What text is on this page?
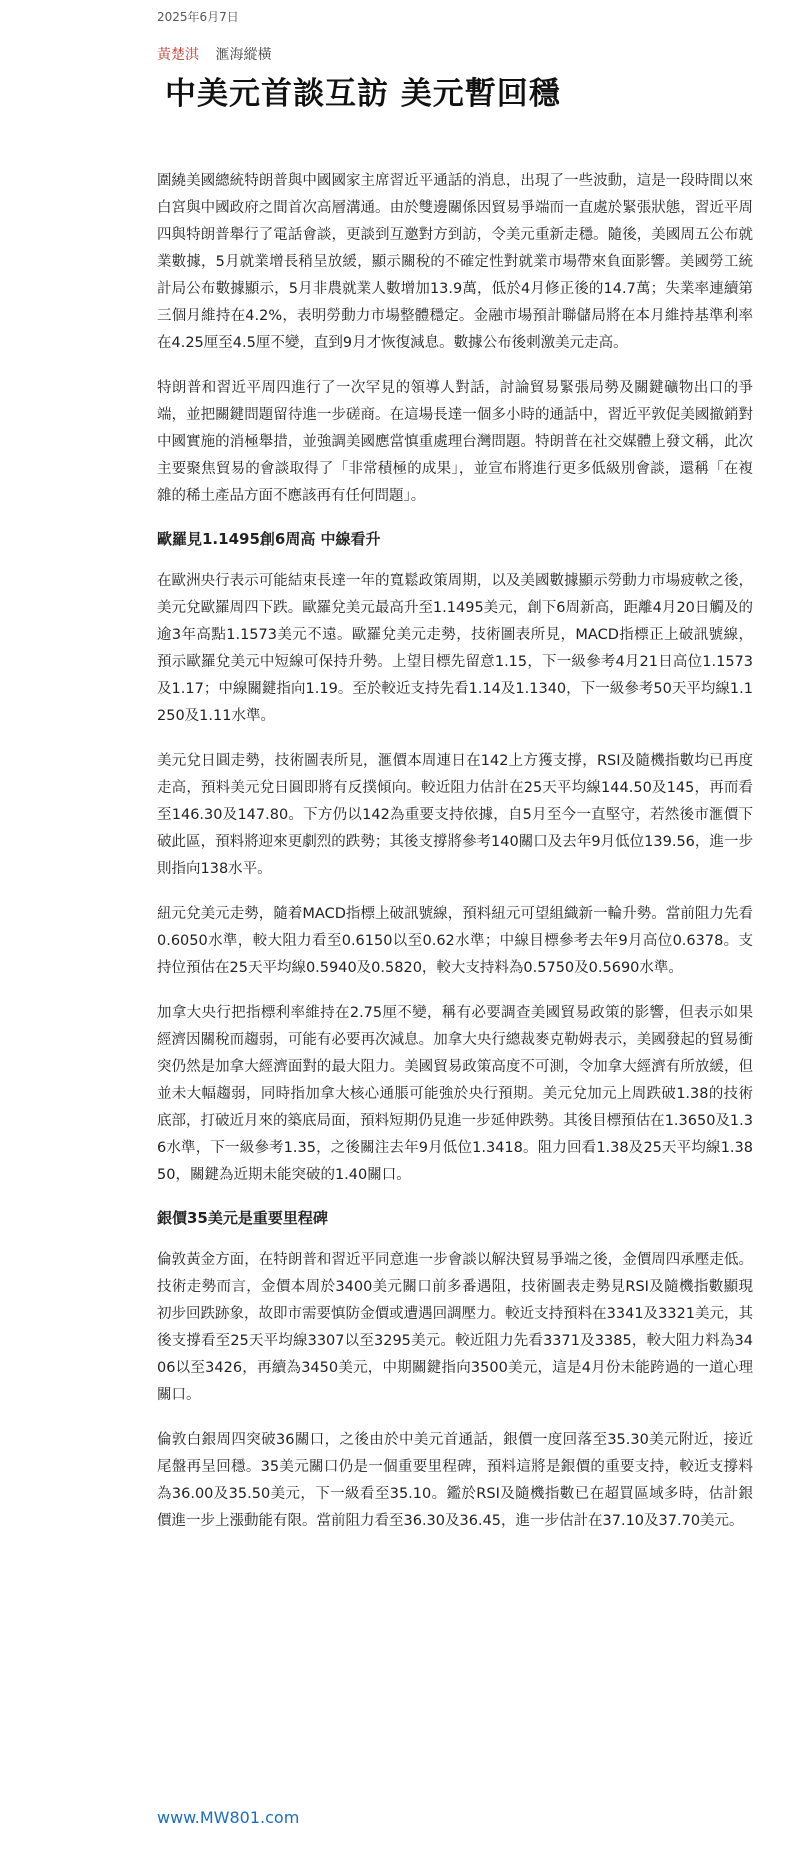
2025年6月7日
黃楚淇 滙海縱橫
中美元首談互訪 美元暫回穩

圍繞美國總統特朗普與中國國家主席習近平通話的消息，出現了一些波動，這是一段時間以來白宮與中國政府之間首次高層溝通。由於雙邊關係因貿易爭端而一直處於緊張狀態，習近平周四與特朗普舉行了電話會談，更談到互邀對方到訪，令美元重新走穩。隨後，美國周五公布就業數據，5月就業增長稍呈放緩，顯示關稅的不確定性對就業市場帶來負面影響。美國勞工統計局公布數據顯示，5月非農就業人數增加13.9萬，低於4月修正後的14.7萬；失業率連續第三個月維持在4.2%，表明勞動力市場整體穩定。金融市場預計聯儲局將在本月維持基準利率在4.25厘至4.5厘不變，直到9月才恢復減息。數據公布後刺激美元走高。

特朗普和習近平周四進行了一次罕見的領導人對話，討論貿易緊張局勢及關鍵礦物出口的爭端，並把關鍵問題留待進一步磋商。在這場長達一個多小時的通話中，習近平敦促美國撤銷對中國實施的消極舉措，並強調美國應當慎重處理台灣問題。特朗普在社交媒體上發文稱，此次主要聚焦貿易的會談取得了「非常積極的成果」，並宣布將進行更多低級別會談，還稱「在複雜的稀土產品方面不應該再有任何問題」。

歐羅見1.1495創6周高 中線看升

在歐洲央行表示可能結束長達一年的寬鬆政策周期，以及美國數據顯示勞動力市場疲軟之後，美元兌歐羅周四下跌。歐羅兌美元最高升至1.1495美元，創下6周新高，距離4月20日觸及的逾3年高點1.1573美元不遠。歐羅兌美元走勢，技術圖表所見，MACD指標正上破訊號線，預示歐羅兌美元中短線可保持升勢。上望目標先留意1.15，下一級參考4月21日高位1.1573及1.17；中線關鍵指向1.19。至於較近支持先看1.14及1.1340，下一級參考50天平均線1.1250及1.11水準。

美元兌日圓走勢，技術圖表所見，滙價本周連日在142上方獲支撐，RSI及隨機指數均已再度走高，預料美元兌日圓即將有反撲傾向。較近阻力估計在25天平均線144.50及145，再而看至146.30及147.80。下方仍以142為重要支持依據，自5月至今一直堅守，若然後市滙價下破此區，預料將迎來更劇烈的跌勢；其後支撐將參考140關口及去年9月低位139.56，進一步則指向138水平。

紐元兌美元走勢，隨着MACD指標上破訊號線，預料紐元可望組織新一輪升勢。當前阻力先看0.6050水準，較大阻力看至0.6150以至0.62水準；中線目標參考去年9月高位0.6378。支持位預估在25天平均線0.5940及0.5820，較大支持料為0.5750及0.5690水準。

加拿大央行把指標利率維持在2.75厘不變，稱有必要調查美國貿易政策的影響，但表示如果經濟因關稅而趨弱，可能有必要再次減息。加拿大央行總裁麥克勒姆表示，美國發起的貿易衝突仍然是加拿大經濟面對的最大阻力。美國貿易政策高度不可測，令加拿大經濟有所放緩，但並未大幅趨弱，同時指加拿大核心通脹可能強於央行預期。美元兌加元上周跌破1.38的技術底部，打破近月來的築底局面，預料短期仍見進一步延伸跌勢。其後目標預估在1.3650及1.36水準，下一級參考1.35，之後關注去年9月低位1.3418。阻力回看1.38及25天平均線1.3850，關鍵為近期未能突破的1.40關口。

銀價35美元是重要里程碑

倫敦黃金方面，在特朗普和習近平同意進一步會談以解決貿易爭端之後，金價周四承壓走低。技術走勢而言，金價本周於3400美元關口前多番遇阻，技術圖表走勢見RSI及隨機指數顯現初步回跌跡象，故即市需要慎防金價或遭遇回調壓力。較近支持預料在3341及3321美元，其後支撐看至25天平均線3307以至3295美元。較近阻力先看3371及3385，較大阻力料為3406以至3426，再續為3450美元，中期關鍵指向3500美元，這是4月份未能跨過的一道心理關口。

倫敦白銀周四突破36關口，之後由於中美元首通話，銀價一度回落至35.30美元附近，接近尾盤再呈回穩。35美元關口仍是一個重要里程碑，預料這將是銀價的重要支持，較近支撐料為36.00及35.50美元，下一級看至35.10。鑑於RSI及隨機指數已在超買區域多時，估計銀價進一步上漲動能有限。當前阻力看至36.30及36.45，進一步估計在37.10及37.70美元。

www.MW801.com
